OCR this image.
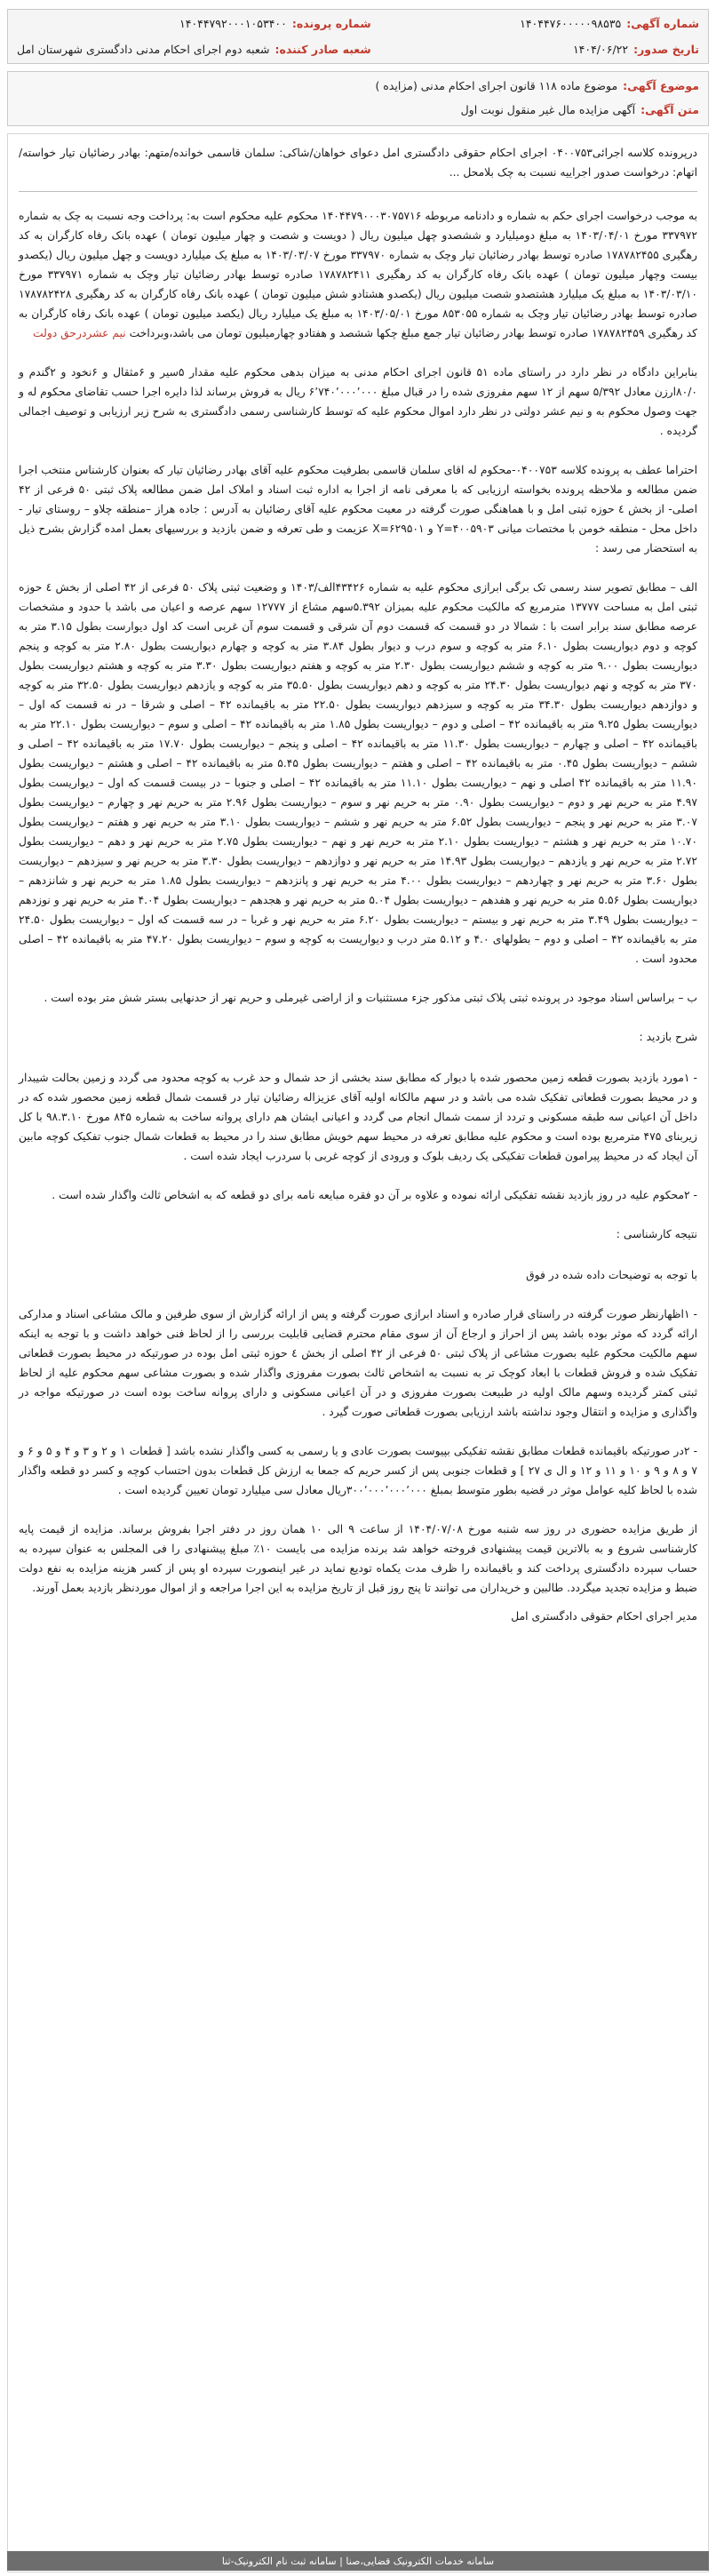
شماره آگهی:
۱۴۰۴۴۷۶۰۰۰۰۰۹۸۵۳۵
شماره پرونده:
۱۴۰۴۴۷۹۲۰۰۰۱۰۵۳۴۰۰
تاریخ صدور:
۱۴۰۴/۰۶/۲۲
شعبه صادر کننده:
شعبه دوم اجرای احکام مدنی دادگستری شهرستان امل
موضوع آگهی:
موضوع ماده ۱۱۸ قانون اجرای احکام مدنی (مزایده )
متن آگهی:
آگهی مزایده مال غیر منقول نوبت اول

درپرونده کلاسه اجرائی۰۴۰۰۷۵۳ اجرای احکام حقوقی دادگستری امل دعوای خواهان/شاکی: سلمان قاسمی خوانده/متهم: بهادر رضائیان تیار خواسته/اتهام: درخواست صدور اجراییه نسبت به چک بلامحل ...

به موجب درخواست اجرای حکم به شماره و دادنامه مربوطه ۱۴۰۴۴۷۹۰۰۰۳۰۷۵۷۱۶ محکوم علیه محکوم است به: پرداخت وجه نسبت به چک به شماره ۳۳۷۹۷۲ مورخ ۱۴۰۳/۰۴/۰۱ به مبلغ دومیلیارد و ششصدو چهل میلیون ریال ( دویست و شصت و چهار میلیون تومان ) عهده بانک رفاه کارگران به کد رهگیری ۱۷۸۷۸۲۴۵۵ صادره توسط بهادر رضائیان تیار وچک به شماره ۳۳۷۹۷۰ مورخ ۱۴۰۳/۰۳/۰۷ به مبلغ یک میلیارد دویست و چهل میلیون ریال (یکصدو بیست وچهار میلیون تومان ) عهده بانک رفاه کارگران به کد رهگیری ۱۷۸۷۸۲۴۱۱ صادره توسط بهادر رضائیان تیار وچک به شماره ۳۳۷۹۷۱ مورخ ۱۴۰۳/۰۳/۱۰ به مبلغ یک میلیارد هشتصدو شصت میلیون ریال (یکصدو هشتادو شش میلیون تومان ) عهده بانک رفاه کارگران به کد رهگیری ۱۷۸۷۸۲۴۲۸ صادره توسط بهادر رضائیان تیار وچک به شماره ۸۵۳۰۵۵ مورخ ۱۴۰۳/۰۵/۰۱ به مبلغ یک میلیارد ریال (یکصد میلیون تومان ) عهده بانک رفاه کارگران به کد رهگیری ۱۷۸۷۸۲۴۵۹ صادره توسط بهادر رضائیان تیار جمع مبلغ چکها ششصد و هفتادو چهارمیلیون تومان می باشد،وبرداخت نیم عشردرحق دولت

بنابراین دادگاه در نظر دارد در راستای ماده ۵۱ قانون اجرای احکام مدنی به میزان بدهی محکوم علیه مقدار ۵سیر و ۶مثقال و ۶نخود و ۲گندم و ۸۰/۰ارزن معادل ۵/۳۹۲ سهم از ۱۲ سهم مفروزی شده را در قبال مبلغ ۶٬۷۴۰٬۰۰۰٬۰۰۰ ریال به فروش برساند لذا دایره اجرا حسب تقاضای محکوم له و جهت وصول محکوم به و نیم عشر دولتی در نظر دارد اموال محکوم علیه که توسط کارشناسی رسمی دادگستری به شرح زیر ارزیابی و توصیف اجمالی گردیده .

احتراما عطف به پرونده کلاسه ۰۴۰۰۷۵۳-محکوم له اقای سلمان قاسمی بطرفیت محکوم علیه آقای بهادر رضائیان تیار که بعنوان کارشناس منتخب اجرا ضمن مطالعه و ملاحظه پرونده بخواسته ارزیابی که با معرفی نامه از اجرا به اداره ثبت اسناد و املاک امل ضمن مطالعه پلاک ثبتی ۵۰ فرعی از ۴۲ اصلی- از بخش ٤ حوزه ثبتی امل و با هماهنگی صورت گرفته در معیت محکوم علیه آقای رضائیان به آدرس : جاده هراز –منطقه چلاو – روستای تیار - داخل محل - منطقه خومن با مختصات میانی ۴۰۰۵۹۰۳=Y و ۶۲۹۵۰۱=X عزیمت و طی تعرفه و ضمن بازدید و بررسیهای بعمل امده گزارش بشرح ذیل به استحضار می رسد :

الف – مطابق تصویر سند رسمی تک برگی ابرازی محکوم علیه به شماره ۴۳۴۲۶الف/۱۴۰۳ و وضعیت ثبتی پلاک ۵۰ فرعی از ۴۲ اصلی از بخش ٤ حوزه ثبتی امل به مساحت ۱۳۷۷۷ مترمربع که مالکیت محکوم علیه بمیزان ۵.۳۹۲سهم مشاع از ۱۲۷۷۷ سهم عرصه و اعیان می باشد با حدود و مشخصات عرصه مطابق سند برابر است با : شمالا در دو قسمت که قسمت دوم آن شرقی و قسمت سوم آن غربی است کد اول دیوارست بطول ۳.۱۵ متر به کوچه و دوم دیواریست بطول ۶.۱۰ متر به کوچه و سوم درب و دیوار بطول ۳.۸۴ متر به کوچه و چهارم دیواریست بطول ۲.۸۰ متر به کوچه و پنجم دیواریست بطول ۹.۰۰ متر به کوچه و ششم دیواریست بطول ۲.۳۰ متر به کوچه و هفتم دیواریست بطول ۳.۳۰ متر به کوچه و هشتم دیواریست بطول ۳۷۰ متر به کوچه و نهم دیواریست بطول ۲۴.۳۰ متر به کوچه و دهم دیواریست بطول ۳۵.۵۰ متر به کوچه و یازدهم دیواریست بطول ۳۲.۵۰ متر به کوچه و دوازدهم دیواریست بطول ۳۴.۳۰ متر به کوچه و سیزدهم دیواریست بطول ۲۲.۵۰ متر به باقیمانده ۴۲ – اصلی و شرقا – در نه قسمت که اول – دیواریست بطول ۹.۲۵ متر به باقیمانده ۴۲ – اصلی و دوم – دیواریست بطول ۱.۸۵ متر به باقیمانده ۴۲ – اصلی و سوم – دیواریست بطول ۲۲.۱۰ متر به باقیمانده ۴۲ – اصلی و چهارم – دیواریست بطول ۱۱.۳۰ متر به باقیمانده ۴۲ – اصلی و پنجم – دیواریست بطول ۱۷.۷۰ متر به باقیمانده ۴۲ – اصلی و ششم – دیواریست بطول ۰.۴۵ متر به باقیمانده ۴۲ – اصلی و هفتم – دیواریست بطول ۵.۴۵ متر به باقیمانده ۴۲ – اصلی و هشتم – دیواریست بطول ۱۱.۹۰ متر به باقیمانده ۴۲ اصلی و نهم – دیواریست بطول ۱۱.۱۰ متر به باقیمانده ۴۲ – اصلی و جنوبا – در بیست قسمت که اول – دیواریست بطول ۴.۹۷ متر به حریم نهر و دوم – دیواریست بطول ۰.۹۰ متر به حریم نهر و سوم – دیواریست بطول ۲.۹۶ متر به حریم نهر و چهارم – دیواریست بطول ۳.۰۷ متر به حریم نهر و پنجم – دیواریست بطول ۶.۵۲ متر به حریم نهر و ششم – دیواریست بطول ۳.۱۰ متر به حریم نهر و هفتم – دیواریست بطول ۱۰.۷۰ متر به حریم نهر و هشتم – دیواریست بطول ۲.۱۰ متر به حریم نهر و نهم – دیواریست بطول ۲.۷۵ متر به حریم نهر و دهم – دیواریست بطول ۲.۷۲ متر به حریم نهر و یازدهم – دیواریست بطول ۱۴.۹۳ متر به حریم نهر و دوازدهم – دیواریست بطول ۳.۳۰ متر به حریم نهر و سیزدهم – دیواریست بطول ۳.۶۰ متر به حریم نهر و چهاردهم – دیواریست بطول ۴.۰۰ متر به حریم نهر و پانزدهم – دیواریست بطول ۱.۸۵ متر به حریم نهر و شانزدهم – دیواریست بطول ۵.۵۶ متر به حریم نهر و هفدهم – دیواریست بطول ۵.۰۴ متر به حریم نهر و هجدهم – دیواریست بطول ۴.۰۴ متر به حریم نهر و نوزدهم – دیواریست بطول ۳.۴۹ متر به حریم نهر و بیستم – دیواریست بطول ۶.۲۰ متر به حریم نهر و غربا – در سه قسمت که اول – دیواریست بطول ۲۴.۵۰ متر به باقیمانده ۴۲ – اصلی و دوم – بطولهای ۴.۰ و ۵.۱۲ متر درب و دیواریست به کوچه و سوم – دیواریست بطول ۴۷.۲۰ متر به باقیمانده ۴۲ – اصلی محدود است .

ب – براساس اسناد موجود در پرونده ثبتی پلاک ثبتی مذکور جزء مستثنیات و از اراضی غیرملی و حریم نهر از حدنهایی بستر شش متر بوده است .

شرح بازدید :

- ۱مورد بازدید بصورت قطعه زمین محصور شده با دیوار که مطابق سند بخشی از حد شمال و حد غرب به کوچه محدود می گردد و زمین بحالت شیبدار و در محیط بصورت قطعاتی تفکیک شده می باشد و در سهم مالکانه اولیه آقای عزیزاله رضائیان تیار در قسمت شمال قطعه زمین محصور شده که در داخل آن اعیانی سه طبقه مسکونی و تردد از سمت شمال انجام می گردد و اعیانی ایشان هم دارای پروانه ساخت به شماره ۸۴۵ مورخ ۹۸.۳.۱۰ با کل زیربنای ۴۷۵ مترمربع بوده است و محکوم علیه مطابق تعرفه در محیط سهم خویش مطابق سند را در محیط به قطعات شمال جنوب تفکیک کوچه مابین آن ایجاد که در محیط پیرامون قطعات تفکیکی یک ردیف بلوک و ورودی از کوچه غربی با سردرب ایجاد شده است .

- ۲محکوم علیه در روز بازدید نقشه تفکیکی ارائه نموده و علاوه بر آن دو فقره مبایعه نامه برای دو قطعه که به اشخاص ثالث واگذار شده است .

نتیجه کارشناسی :

با توجه به توضیحات داده شده در فوق

- ۱اظهارنظر صورت گرفته در راستای قرار صادره و اسناد ابرازی صورت گرفته و پس از ارائه گزارش از سوی طرفین و مالک مشاعی اسناد و مدارکی ارائه گردد که موثر بوده باشد پس از احراز و ارجاع آن از سوی مقام محترم قضایی قابلیت بررسی را از لحاظ فنی خواهد داشت و با توجه به اینکه سهم مالکیت محکوم علیه بصورت مشاعی از پلاک ثبتی ۵۰ فرعی از ۴۲ اصلی از بخش ٤ حوزه ثبتی امل بوده در صورتیکه در محیط بصورت قطعاتی تفکیک شده و فروش قطعات با ابعاد کوچک تر به نسبت به اشخاص ثالث بصورت مفروزی واگذار شده و بصورت مشاعی سهم محکوم علیه از لحاظ ثبتی کمتر گردیده وسهم مالک اولیه در طبیعت بصورت مفروزی و در آن اعیانی مسکونی و دارای پروانه ساخت بوده است در صورتیکه مواجه در واگذاری و مزایده و انتقال وجود نداشته باشد ارزیابی بصورت قطعاتی صورت گیرد .

- ۲در صورتیکه باقیمانده قطعات مطابق نقشه تفکیکی بپیوست بصورت عادی و یا رسمی به کسی واگذار نشده باشد [ قطعات ۱ و ۲ و ۳ و ۴ و ۵ و ۶ و ۷ و ۸ و ۹ و ۱۰ و ۱۱ و ۱۲ و ال ی ۲۷ ] و قطعات جنوبی پس از کسر حریم که جمعا به ارزش کل قطعات بدون احتساب کوچه و کسر دو قطعه واگذار شده با لحاظ کلیه عوامل موثر در قضیه بطور متوسط بمبلغ ۳۰۰٬۰۰۰٬۰۰۰٬۰۰۰ریال معادل سی میلیارد تومان تعیین گردیده است .

از طریق مزایده حضوری در روز سه شنبه مورخ ۱۴۰۴/۰۷/۰۸ از ساعت ۹ الی ۱۰ همان روز در دفتر اجرا بفروش برساند. مزایده از قیمت پایه کارشناسی شروع و به بالاترین قیمت پیشنهادی فروخته خواهد شد برنده مزایده می بایست ۱۰٪ مبلغ پیشنهادی را فی المجلس به عنوان سپرده به حساب سپرده دادگستری پرداخت کند و باقیمانده را ظرف مدت یکماه تودیع نماید در غیر اینصورت سپرده او پس از کسر هزینه مزایده به نفع دولت ضبط و مزایده تجدید میگردد. طالبین و خریداران می توانند تا پنج روز قبل از تاریخ مزایده به این اجرا مراجعه و از اموال موردنظر بازدید بعمل آورند.

مدیر اجرای احکام حقوقی دادگستری امل

سامانه خدمات الکترونیک قضایی،صنا | سامانه ثبت نام الکترونیک-ثنا
